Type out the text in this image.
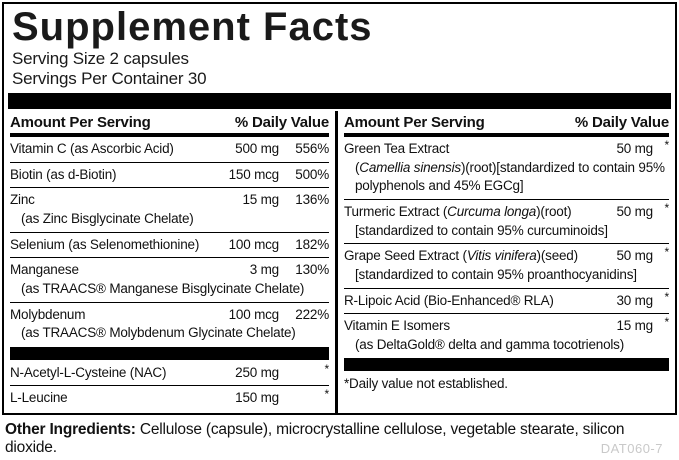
Supplement Facts
Serving Size 2 capsules
Servings Per Container 30
Amount Per Serving	% Daily Value
Vitamin C (as Ascorbic Acid)	500 mg	556%
Biotin (as d-Biotin)	150 mcg	500%
Zinc	15 mg	136%
(as Zinc Bisglycinate Chelate)
Selenium (as Selenomethionine)	100 mcg	182%
Manganese	3 mg	130%
(as TRAACS® Manganese Bisglycinate Chelate)
Molybdenum	100 mcg	222%
(as TRAACS® Molybdenum Glycinate Chelate)
N-Acetyl-L-Cysteine (NAC)	250 mg	*
L-Leucine	150 mg	*
Amount Per Serving	% Daily Value
Green Tea Extract	50 mg *
(Camellia sinensis)(root)[standardized to contain 95% polyphenols and 45% EGCg]
Turmeric Extract (Curcuma longa)(root)	50 mg *
[standardized to contain 95% curcuminoids]
Grape Seed Extract (Vitis vinifera)(seed)	50 mg *
[standardized to contain 95% proanthocyanidins]
R-Lipoic Acid (Bio-Enhanced® RLA)	30 mg *
Vitamin E Isomers	15 mg *
(as DeltaGold® delta and gamma tocotrienols)
*Daily value not established.
Other Ingredients: Cellulose (capsule), microcrystalline cellulose, vegetable stearate, silicon dioxide.	DAT060-7
